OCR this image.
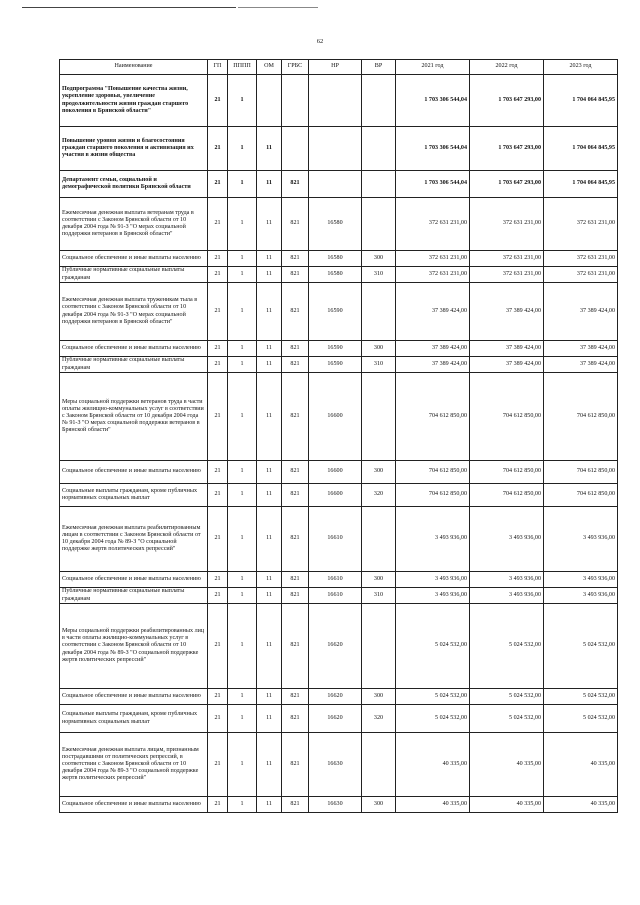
62
Наименование	ГП	ПППП	ОМ	ГРБС	НР	ВР	2021 год	2022 год	2023 год
Подпрограмма "Повышение качества жизни, укрепление здоровья, увеличение продолжительности жизни граждан старшего поколения в Брянской области"	21	1					1 703 306 544,04	1 703 647 293,00	1 704 064 845,95
Повышение уровня жизни и благосостояния граждан старшего поколения и активизация их участия в жизни общества	21	1	11				1 703 306 544,04	1 703 647 293,00	1 704 064 845,95
Департамент семьи, социальной и демографической политики Брянской области	21	1	11	821			1 703 306 544,04	1 703 647 293,00	1 704 064 845,95
Ежемесячная денежная выплата ветеранам труда в соответствии с Законом Брянской области от 10 декабря 2004 года № 91-З "О мерах социальной поддержки ветеранов в Брянской области"	21	1	11	821	16580		372 631 231,00	372 631 231,00	372 631 231,00
Социальное обеспечение и иные выплаты населению	21	1	11	821	16580	300	372 631 231,00	372 631 231,00	372 631 231,00
Публичные нормативные социальные выплаты гражданам	21	1	11	821	16580	310	372 631 231,00	372 631 231,00	372 631 231,00
Ежемесячная денежная выплата труженикам тыла в соответствии с Законом Брянской области от 10 декабря 2004 года № 91-З "О мерах социальной поддержки ветеранов в Брянской области"	21	1	11	821	16590		37 389 424,00	37 389 424,00	37 389 424,00
Социальное обеспечение и иные выплаты населению	21	1	11	821	16590	300	37 389 424,00	37 389 424,00	37 389 424,00
Публичные нормативные социальные выплаты гражданам	21	1	11	821	16590	310	37 389 424,00	37 389 424,00	37 389 424,00
Меры социальной поддержки ветеранов труда в части оплаты жилищно-коммунальных услуг в соответствии с Законом Брянской области от 10 декабря 2004 года № 91-З "О мерах социальной поддержки ветеранов в Брянской области"	21	1	11	821	16600		704 612 850,00	704 612 850,00	704 612 850,00
Социальное обеспечение и иные выплаты населению	21	1	11	821	16600	300	704 612 850,00	704 612 850,00	704 612 850,00
Социальные выплаты гражданам, кроме публичных нормативных социальных выплат	21	1	11	821	16600	320	704 612 850,00	704 612 850,00	704 612 850,00
Ежемесячная денежная выплата реабилитированным лицам в соответствии с Законом Брянской области от 10 декабря 2004 года № 89-З "О социальной поддержке жертв политических репрессий"	21	1	11	821	16610		3 493 936,00	3 493 936,00	3 493 936,00
Социальное обеспечение и иные выплаты населению	21	1	11	821	16610	300	3 493 936,00	3 493 936,00	3 493 936,00
Публичные нормативные социальные выплаты гражданам	21	1	11	821	16610	310	3 493 936,00	3 493 936,00	3 493 936,00
Меры социальной поддержки реабилитированных лиц в части оплаты жилищно-коммунальных услуг в соответствии с Законом Брянской области от 10 декабря 2004 года № 89-З "О социальной поддержке жертв политических репрессий"	21	1	11	821	16620		5 024 532,00	5 024 532,00	5 024 532,00
Социальное обеспечение и иные выплаты населению	21	1	11	821	16620	300	5 024 532,00	5 024 532,00	5 024 532,00
Социальные выплаты гражданам, кроме публичных нормативных социальных выплат	21	1	11	821	16620	320	5 024 532,00	5 024 532,00	5 024 532,00
Ежемесячная денежная выплата лицам, признанным пострадавшими от политических репрессий, в соответствии с Законом Брянской области от 10 декабря 2004 года № 89-З "О социальной поддержке жертв политических репрессий"	21	1	11	821	16630		40 335,00	40 335,00	40 335,00
Социальное обеспечение и иные выплаты населению	21	1	11	821	16630	300	40 335,00	40 335,00	40 335,00
